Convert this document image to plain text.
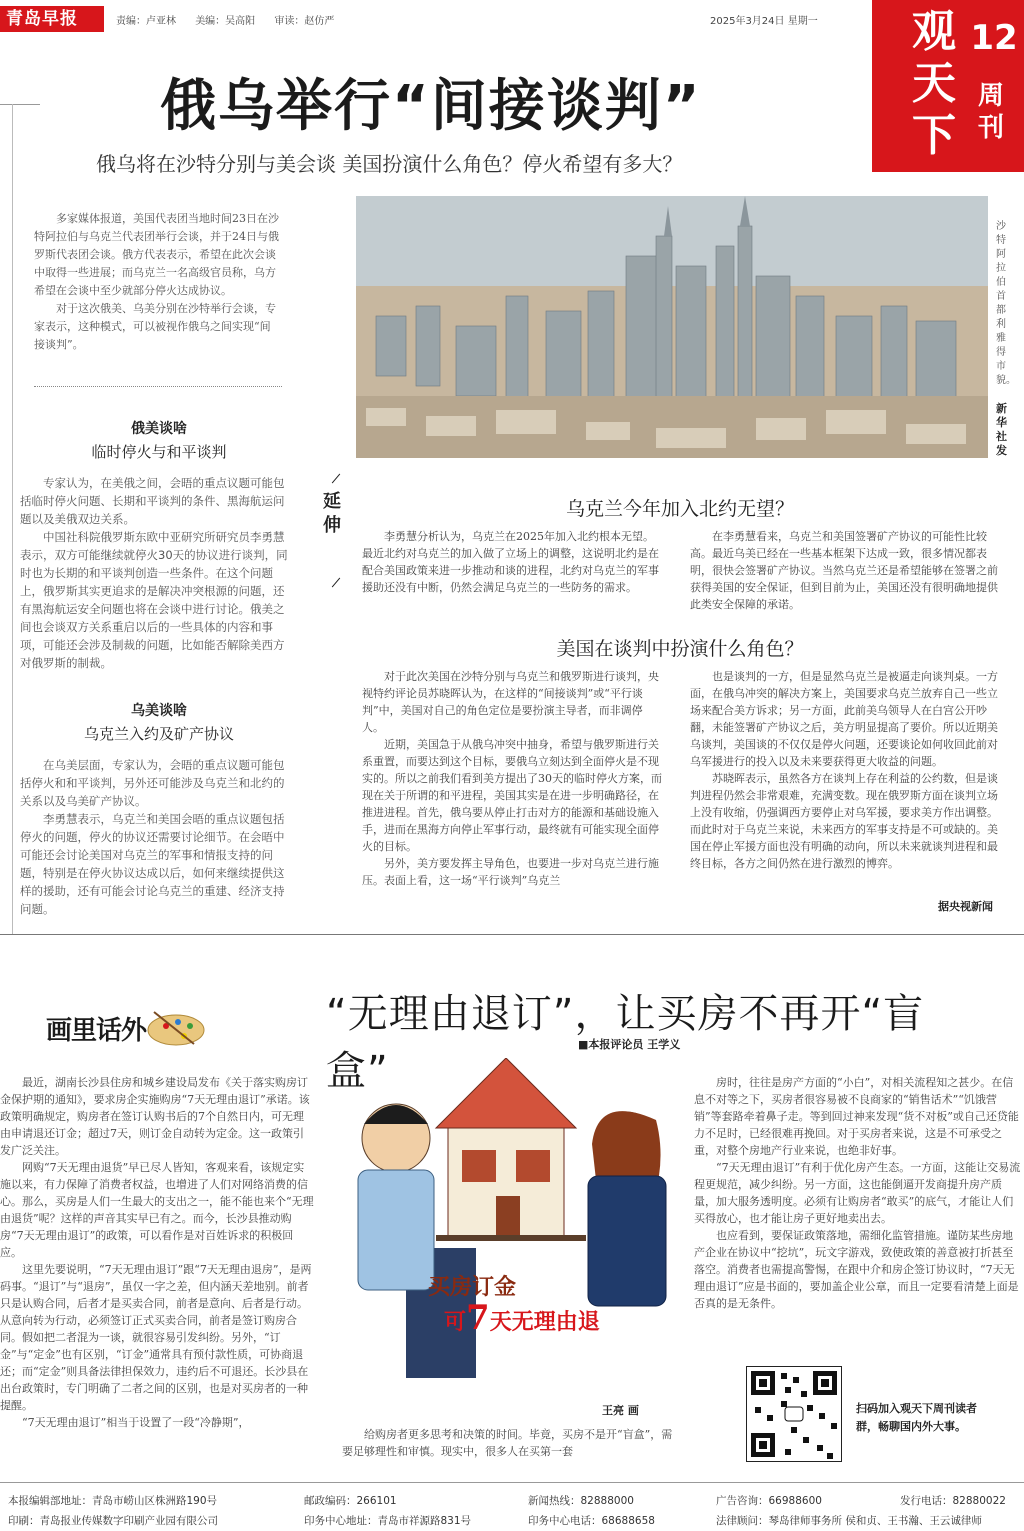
青岛早报	责编：卢亚林 美编：吴高阳 审读：赵仿严	2025年3月24日 星期一 观天下
12
周刊
俄乌举行“间接谈判”
俄乌将在沙特分别与美会谈 美国扮演什么角色？停火希望有多大？

多家媒体报道，美国代表团当地时间23日在沙特阿拉伯与乌克兰代表团举行会谈，并于24日与俄罗斯代表团会谈。俄方代表表示，希望在此次会谈中取得一些进展；而乌克兰一名高级官员称，乌方希望在会谈中至少就部分停火达成协议。

对于这次俄美、乌美分别在沙特举行会谈，专家表示，这种模式，可以被视作俄乌之间实现“间接谈判”。

俄美谈啥
临时停火与和平谈判

专家认为，在美俄之间，会晤的重点议题可能包括临时停火问题、长期和平谈判的条件、黑海航运问题以及美俄双边关系。

中国社科院俄罗斯东欧中亚研究所研究员李勇慧表示，双方可能继续就停火30天的协议进行谈判，同时也为长期的和平谈判创造一些条件。在这个问题上，俄罗斯其实更追求的是解决冲突根源的问题，还有黑海航运安全问题也将在会谈中进行讨论。俄美之间也会谈双方关系重启以后的一些具体的内容和事项，可能还会涉及制裁的问题，比如能否解除美西方对俄罗斯的制裁。

乌美谈啥
乌克兰入约及矿产协议

在乌美层面，专家认为，会晤的重点议题可能包括停火和和平谈判，另外还可能涉及乌克兰和北约的关系以及乌美矿产协议。

李勇慧表示，乌克兰和美国会晤的重点议题包括停火的问题，停火的协议还需要讨论细节。在会晤中可能还会讨论美国对乌克兰的军事和情报支持的问题，特别是在停火协议达成以后，如何来继续提供这样的援助，还有可能会讨论乌克兰的重建、经济支持问题。

沙特阿拉伯首都利雅得市貌。
新华社发
延伸
乌克兰今年加入北约无望？

李勇慧分析认为，乌克兰在2025年加入北约根本无望。最近北约对乌克兰的加入做了立场上的调整，这说明北约是在配合美国政策来进一步推动和谈的进程，北约对乌克兰的军事援助还没有中断，仍然会满足乌克兰的一些防务的需求。

在李勇慧看来，乌克兰和美国签署矿产协议的可能性比较高。最近乌美已经在一些基本框架下达成一致，很多情况都表明，很快会签署矿产协议。当然乌克兰还是希望能够在签署之前获得美国的安全保证，但到目前为止，美国还没有很明确地提供此类安全保障的承诺。

美国在谈判中扮演什么角色？

对于此次美国在沙特分别与乌克兰和俄罗斯进行谈判，央视特约评论员苏晓晖认为，在这样的“间接谈判”或“平行谈判”中，美国对自己的角色定位是要扮演主导者，而非调停人。

近期，美国急于从俄乌冲突中抽身，希望与俄罗斯进行关系重置，而要达到这个目标，要俄乌立刻达到全面停火是不现实的。所以之前我们看到美方提出了30天的临时停火方案，而现在关于所谓的和平进程，美国其实是在进一步明确路径，在推进进程。首先，俄乌要从停止打击对方的能源和基础设施入手，进而在黑海方向停止军事行动，最终就有可能实现全面停火的目标。

另外，美方要发挥主导角色，也要进一步对乌克兰进行施压。表面上看，这一场“平行谈判”乌克兰

也是谈判的一方，但是显然乌克兰是被逼走向谈判桌。一方面，在俄乌冲突的解决方案上，美国要求乌克兰放弃自己一些立场来配合美方诉求；另一方面，此前美乌领导人在白宫公开吵翻，未能签署矿产协议之后，美方明显提高了要价。所以近期美乌谈判，美国谈的不仅仅是停火问题，还要谈论如何收回此前对乌军援进行的投入以及未来要获得更大收益的问题。

苏晓晖表示，虽然各方在谈判上存在利益的公约数，但是谈判进程仍然会非常艰难，充满变数。现在俄罗斯方面在谈判立场上没有收缩，仍强调西方要停止对乌军援，要求美方作出调整。而此时对于乌克兰来说，未来西方的军事支持是不可或缺的。美国在停止军援方面也没有明确的动向，所以未来就谈判进程和最终目标，各方之间仍然在进行激烈的博弈。

据央视新闻
画里话外	“无理由退订”，让买房不再开“盲盒”
■本报评论员 王学义

最近，湖南长沙县住房和城乡建设局发布《关于落实购房订金保护期的通知》，要求房企实施购房“7天无理由退订”承诺。该政策明确规定，购房者在签订认购书后的7个自然日内，可无理由申请退还订金；超过7天，则订金自动转为定金。这一政策引发广泛关注。

网购“7天无理由退货”早已尽人皆知，客观来看，该规定实施以来，有力保障了消费者权益，也增进了人们对网络消费的信心。那么，买房是人们一生最大的支出之一，能不能也来个“无理由退货”呢？这样的声音其实早已有之。而今，长沙县推动购房“7天无理由退订”的政策，可以看作是对百姓诉求的积极回应。

这里先要说明，“7天无理由退订”跟“7天无理由退房”，是两码事。“退订”与“退房”，虽仅一字之差，但内涵天差地别。前者只是认购合同，后者才是买卖合同，前者是意向、后者是行动。从意向转为行动，必须签订正式买卖合同，前者是签订购房合同。假如把二者混为一谈，就很容易引发纠纷。另外，“订金”与“定金”也有区别，“订金”通常具有预付款性质，可协商退还；而“定金”则具备法律担保效力，违约后不可退还。长沙县在出台政策时，专门明确了二者之间的区别，也是对买房者的一种提醒。

“7天无理由退订”相当于设置了一段“冷静期”，

买房订金
可7天无理由退
王亮 画

给购房者更多思考和决策的时间。毕竟，买房不是开“盲盒”，需要足够理性和审慎。现实中，很多人在买第一套

房时，往往是房产方面的“小白”，对相关流程知之甚少。在信息不对等之下，买房者很容易被不良商家的“销售话术”“饥饿营销”等套路牵着鼻子走。等到回过神来发现“货不对板”或自己还贷能力不足时，已经很难再挽回。对于买房者来说，这是不可承受之重，对整个房地产行业来说，也绝非好事。

“7天无理由退订”有利于优化房产生态。一方面，这能让交易流程更规范，减少纠纷。另一方面，这也能倒逼开发商提升房产质量，加大服务透明度。必须有让购房者“敢买”的底气，才能让人们买得放心，也才能让房子更好地卖出去。

也应看到，要保证政策落地，需细化监管措施。谨防某些房地产企业在协议中“挖坑”，玩文字游戏，致使政策的善意被打折甚至落空。消费者也需提高警惕，在跟中介和房企签订协议时，“7天无理由退订”应是书面的，要加盖企业公章，而且一定要看清楚上面是否真的是无条件。

扫码加入观天下周刊读者群，畅聊国内外大事。
本报编辑部地址：青岛市崂山区株洲路190号	邮政编码：266101	新闻热线：82888000	广告咨询：66988600	发行电话：82880022
印刷：青岛报业传媒数字印刷产业园有限公司	印务中心地址：青岛市祥源路831号	印务中心电话：68688658	法律顾问：琴岛律师事务所 侯和贞、王书瀚、王云诚律师
